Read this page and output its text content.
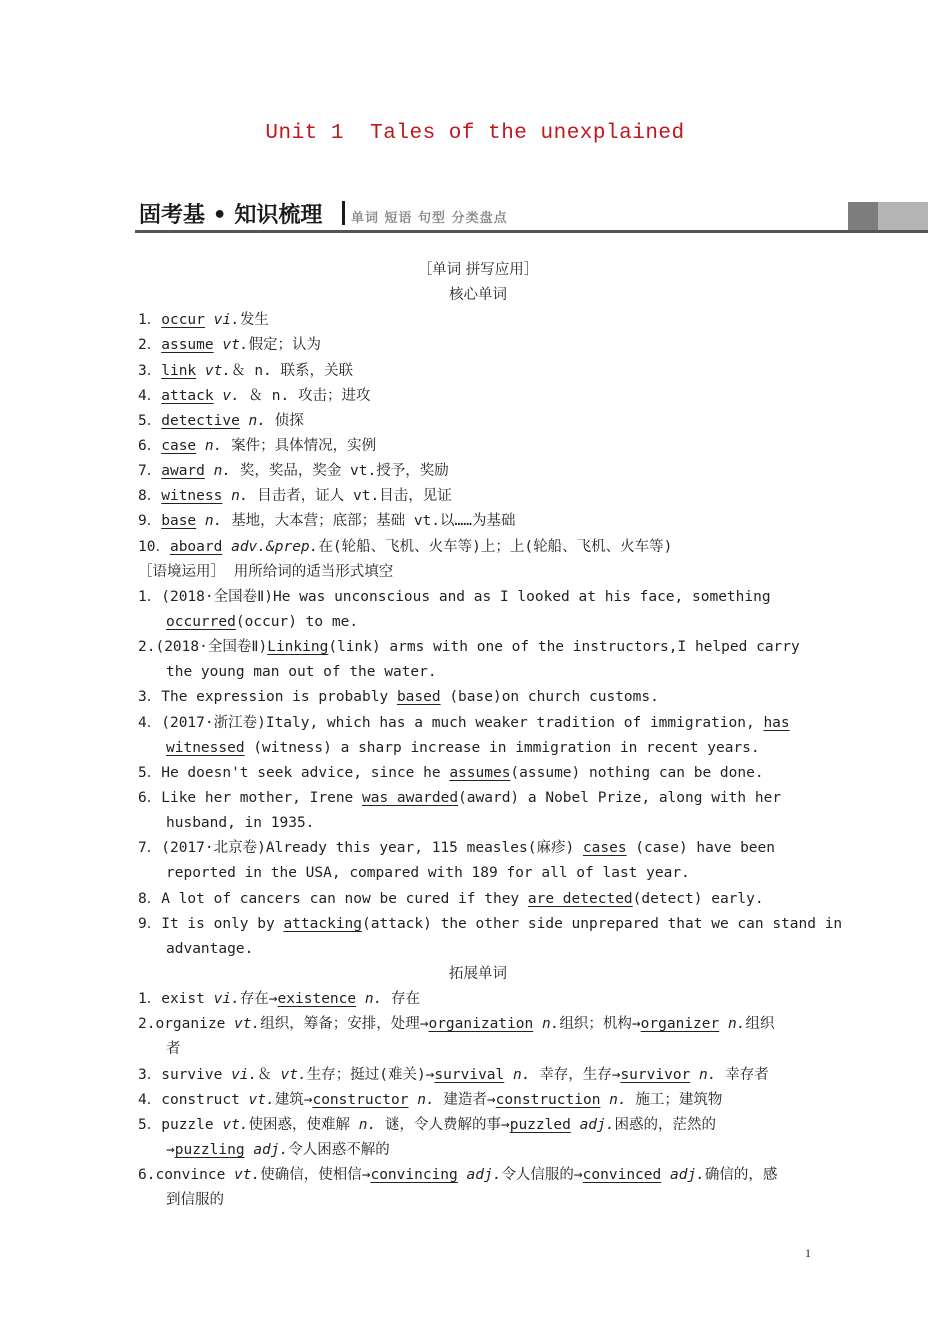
Unit 1  Tales of the unexplained
固考基 • 知识梳理 单词 短语 句型 分类盘点
［单词 拼写应用］
核心单词
1．occur vi.发生
2．assume vt.假定；认为
3．link vt.＆ n. 联系，关联
4．attack v. ＆ n. 攻击；进攻
5．detective n. 侦探
6．case n. 案件；具体情况，实例
7．award n. 奖，奖品，奖金 vt.授予，奖励
8．witness n. 目击者，证人 vt.目击，见证
9．base n. 基地，大本营；底部；基础 vt.以……为基础
10．aboard adv.&prep.在(轮船、飞机、火车等)上；上(轮船、飞机、火车等)
［语境运用］ 用所给词的适当形式填空
1．(2018·全国卷Ⅱ)He was unconscious and as I looked at his face, something
occurred(occur) to me.
2.(2018·全国卷Ⅱ)Linking(link) arms with one of the instructors,I helped carry
the young man out of the water.
3．The expression is probably based (base)on church customs.
4．(2017·浙江卷)Italy, which has a much weaker tradition of immigration, has
witnessed (witness) a sharp increase in immigration in recent years.
5．He doesn't seek advice, since he assumes(assume) nothing can be done.
6．Like her mother, Irene was awarded(award) a Nobel Prize, along with her
husband, in 1935.
7．(2017·北京卷)Already this year, 115 measles(麻疹) cases (case) have been
reported in the USA, compared with 189 for all of last year.
8．A lot of cancers can now be cured if they are detected(detect) early.
9．It is only by attacking(attack) the other side unprepared that we can stand in
advantage.
拓展单词
1．exist vi.存在→existence n. 存在
2.organize vt.组织，筹备；安排，处理→organization n.组织；机构→organizer n.组织
者
3．survive vi.＆ vt.生存；挺过(难关)→survival n. 幸存，生存→survivor n. 幸存者
4．construct vt.建筑→constructor n. 建造者→construction n. 施工；建筑物
5．puzzle vt.使困惑，使难解 n. 谜，令人费解的事→puzzled adj.困惑的，茫然的
→puzzling adj.令人困惑不解的
6.convince vt.使确信，使相信→convincing adj.令人信服的→convinced adj.确信的，感
到信服的
1
